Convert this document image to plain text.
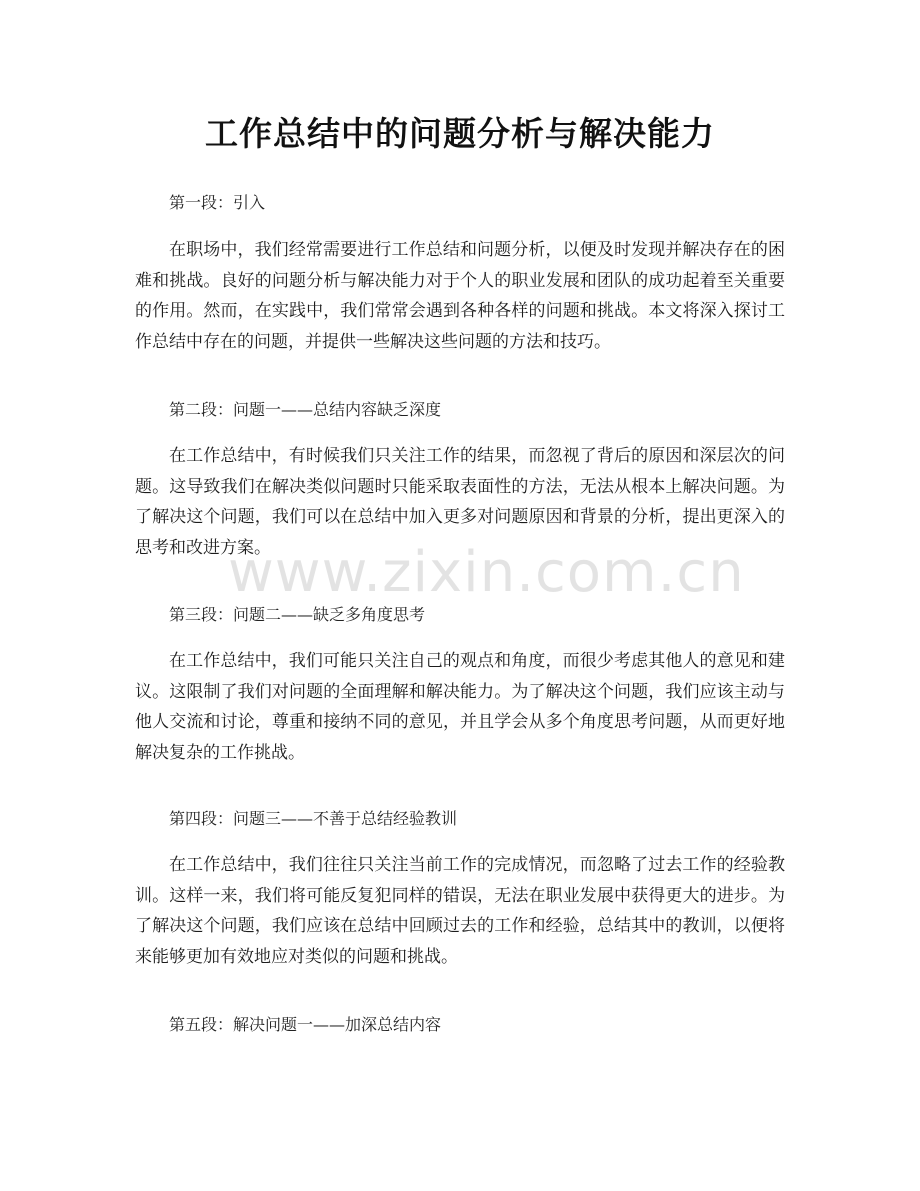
工作总结中的问题分析与解决能力

第一段：引入

在职场中，我们经常需要进行工作总结和问题分析，以便及时发现并解决存在的困难和挑战。良好的问题分析与解决能力对于个人的职业发展和团队的成功起着至关重要的作用。然而，在实践中，我们常常会遇到各种各样的问题和挑战。本文将深入探讨工作总结中存在的问题，并提供一些解决这些问题的方法和技巧。

第二段：问题一——总结内容缺乏深度

在工作总结中，有时候我们只关注工作的结果，而忽视了背后的原因和深层次的问题。这导致我们在解决类似问题时只能采取表面性的方法，无法从根本上解决问题。为了解决这个问题，我们可以在总结中加入更多对问题原因和背景的分析，提出更深入的思考和改进方案。

第三段：问题二——缺乏多角度思考

在工作总结中，我们可能只关注自己的观点和角度，而很少考虑其他人的意见和建议。这限制了我们对问题的全面理解和解决能力。为了解决这个问题，我们应该主动与他人交流和讨论，尊重和接纳不同的意见，并且学会从多个角度思考问题，从而更好地解决复杂的工作挑战。

第四段：问题三——不善于总结经验教训

在工作总结中，我们往往只关注当前工作的完成情况，而忽略了过去工作的经验教训。这样一来，我们将可能反复犯同样的错误，无法在职业发展中获得更大的进步。为了解决这个问题，我们应该在总结中回顾过去的工作和经验，总结其中的教训，以便将来能够更加有效地应对类似的问题和挑战。

第五段：解决问题一——加深总结内容

www.zixin.com.cn
